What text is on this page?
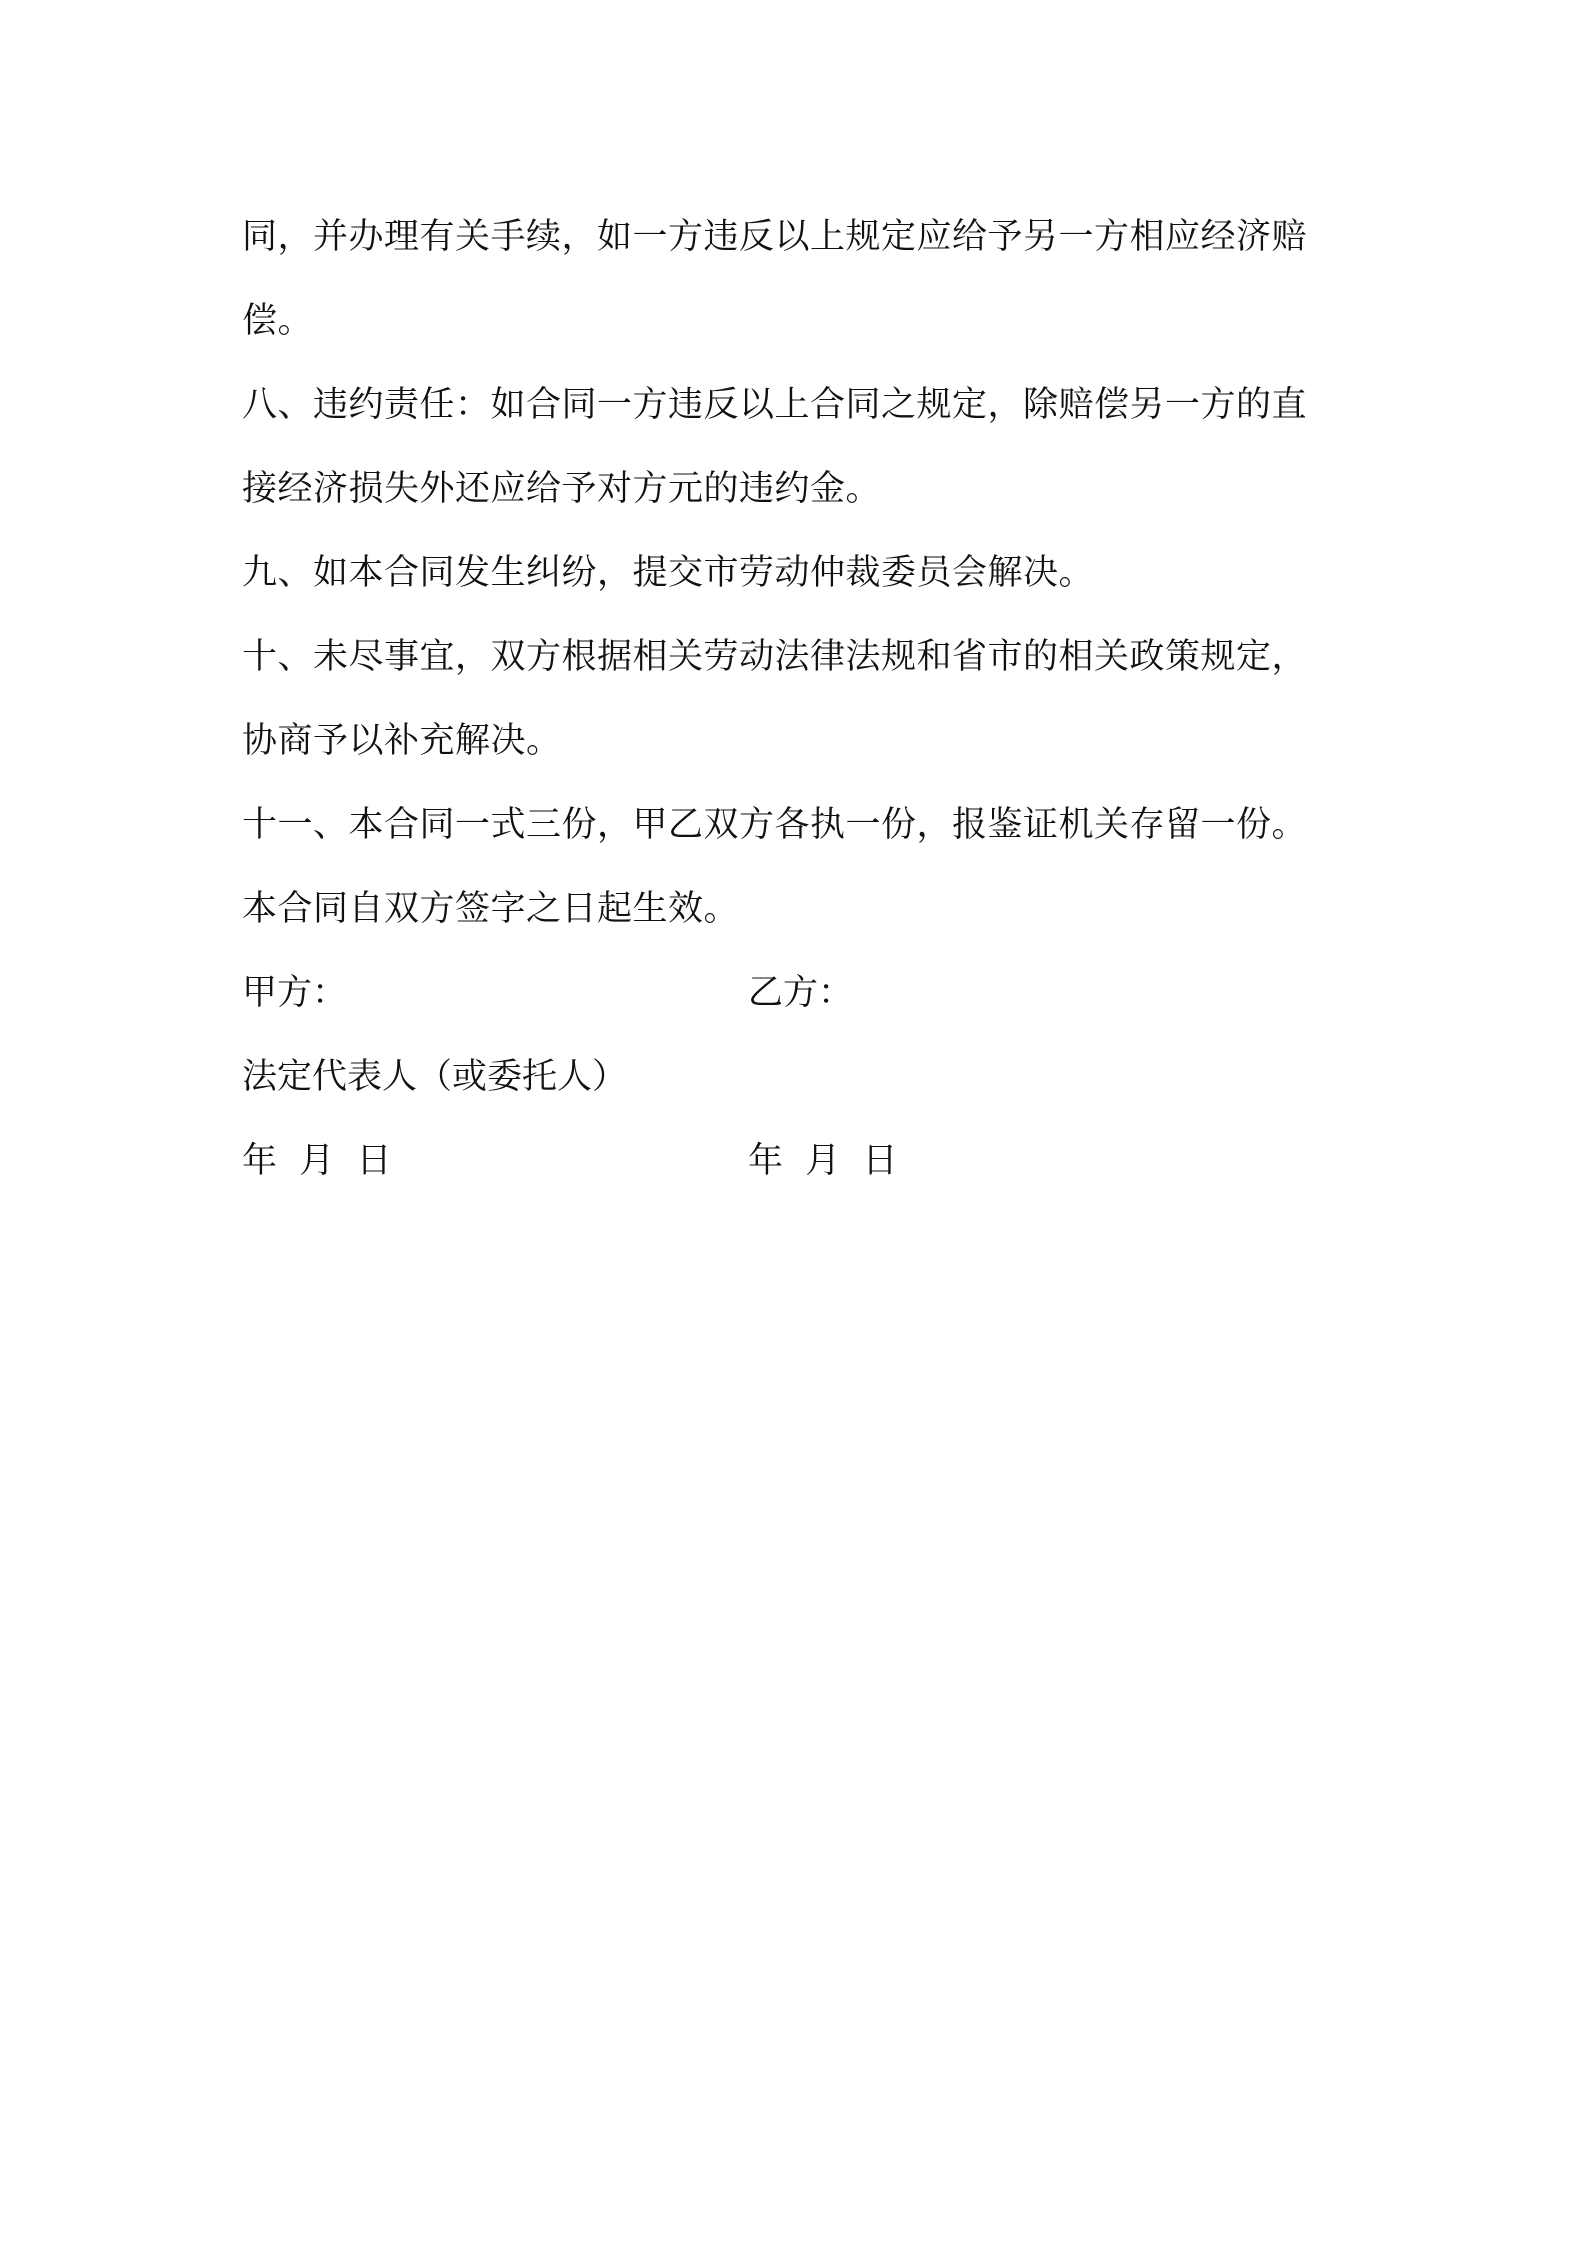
同，并办理有关手续，如一方违反以上规定应给予另一方相应经济赔
偿。
八、违约责任：如合同一方违反以上合同之规定，除赔偿另一方的直
接经济损失外还应给予对方元的违约金。
九、如本合同发生纠纷，提交市劳动仲裁委员会解决。
十、未尽事宜，双方根据相关劳动法律法规和省市的相关政策规定，
协商予以补充解决。
十一、本合同一式三份，甲乙双方各执一份，报鉴证机关存留一份。
本合同自双方签字之日起生效。
甲方：	乙方：
法定代表人（或委托人）
年  月  日	年  月  日
